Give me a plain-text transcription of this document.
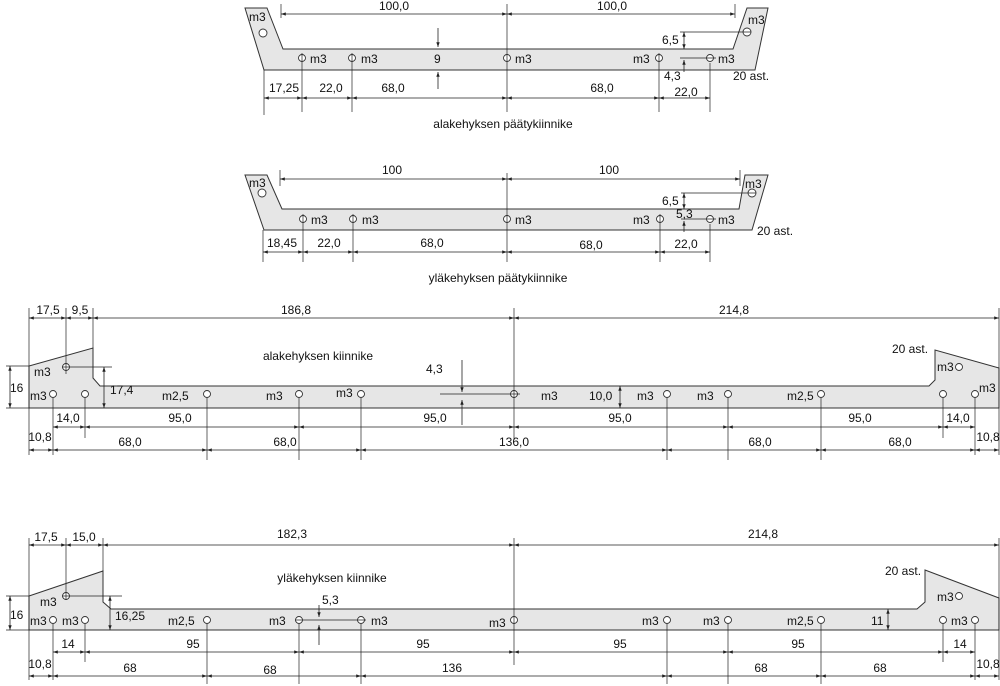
100,0	100,0
17,25 22,0	68,0	68,0	22,0
6,5
4,3
9
m3
m3	m3	m3	m3	m3
m3
20 ast.
alakehyksen päätykiinnike
100	100
18,45 22,0	68,0	68,0	22,0
6,5
5,3
m3
m3	m3	m3	m3	m3
m3
20 ast.
yläkehyksen päätykiinnike
17,5 9,5	186,8	214,8
14,0	95,0	95,0	95,0	95,0	14,0
10,8	68,0	68,0	136,0	68,0	68,0	10,8
16	17,4
4,3
10,0
m3
m3
m2,5	m3	m3	m3	m3	m3	m2,5
m3
m3
20 ast.
alakehyksen kiinnike
17,5 15,0	182,3	214,8
14	95	95	95	95	14
10,8	68	68	136	68	68	10,8
16	16,25
5,3
11
m3
m3
m3	m2,5	m3	m3	m3	m3	m3	m2,5
m3
m3
20 ast.
yläkehyksen kiinnike
